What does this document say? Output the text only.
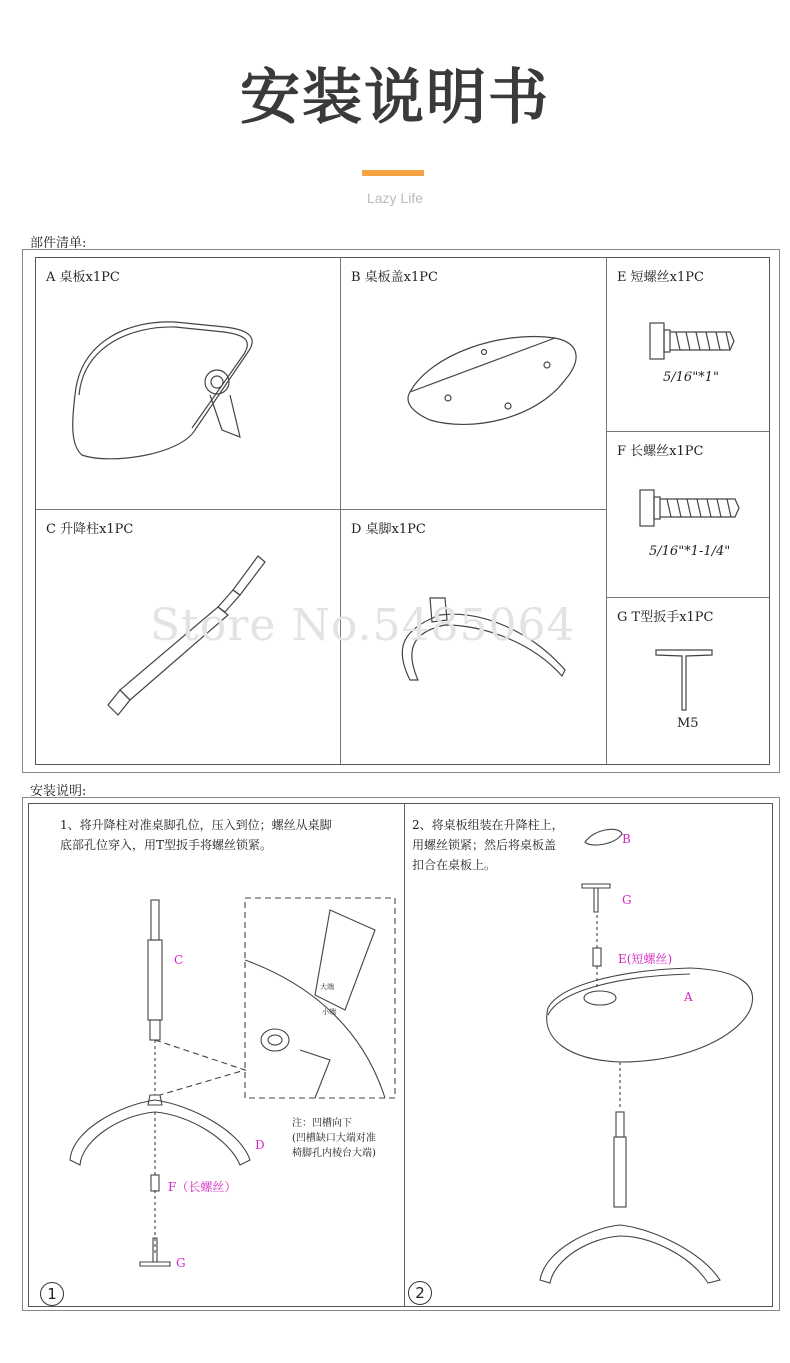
安装说明书
Lazy Life
部件清单:
A 桌板x1PC	B 桌板盖x1PC	E 短螺丝x1PC
5/16"*1"
F 长螺丝x1PC
5/16"*1-1/4"
C 升降柱x1PC	D 桌脚x1PC
G T型扳手x1PC
M5
Store No.5485064
安装说明:
1、将升降柱对准桌脚孔位，压入到位；螺丝从桌脚
底部孔位穿入，用T型扳手将螺丝锁紧。
C
D
F（长螺丝）
G
大端
小端
注：凹槽向下
(凹槽缺口大端对准
椅脚孔内棱台大端)
1
2、将桌板组装在升降柱上，
用螺丝锁紧；然后将桌板盖
扣合在桌板上。
B
G
E(短螺丝)
A
2
